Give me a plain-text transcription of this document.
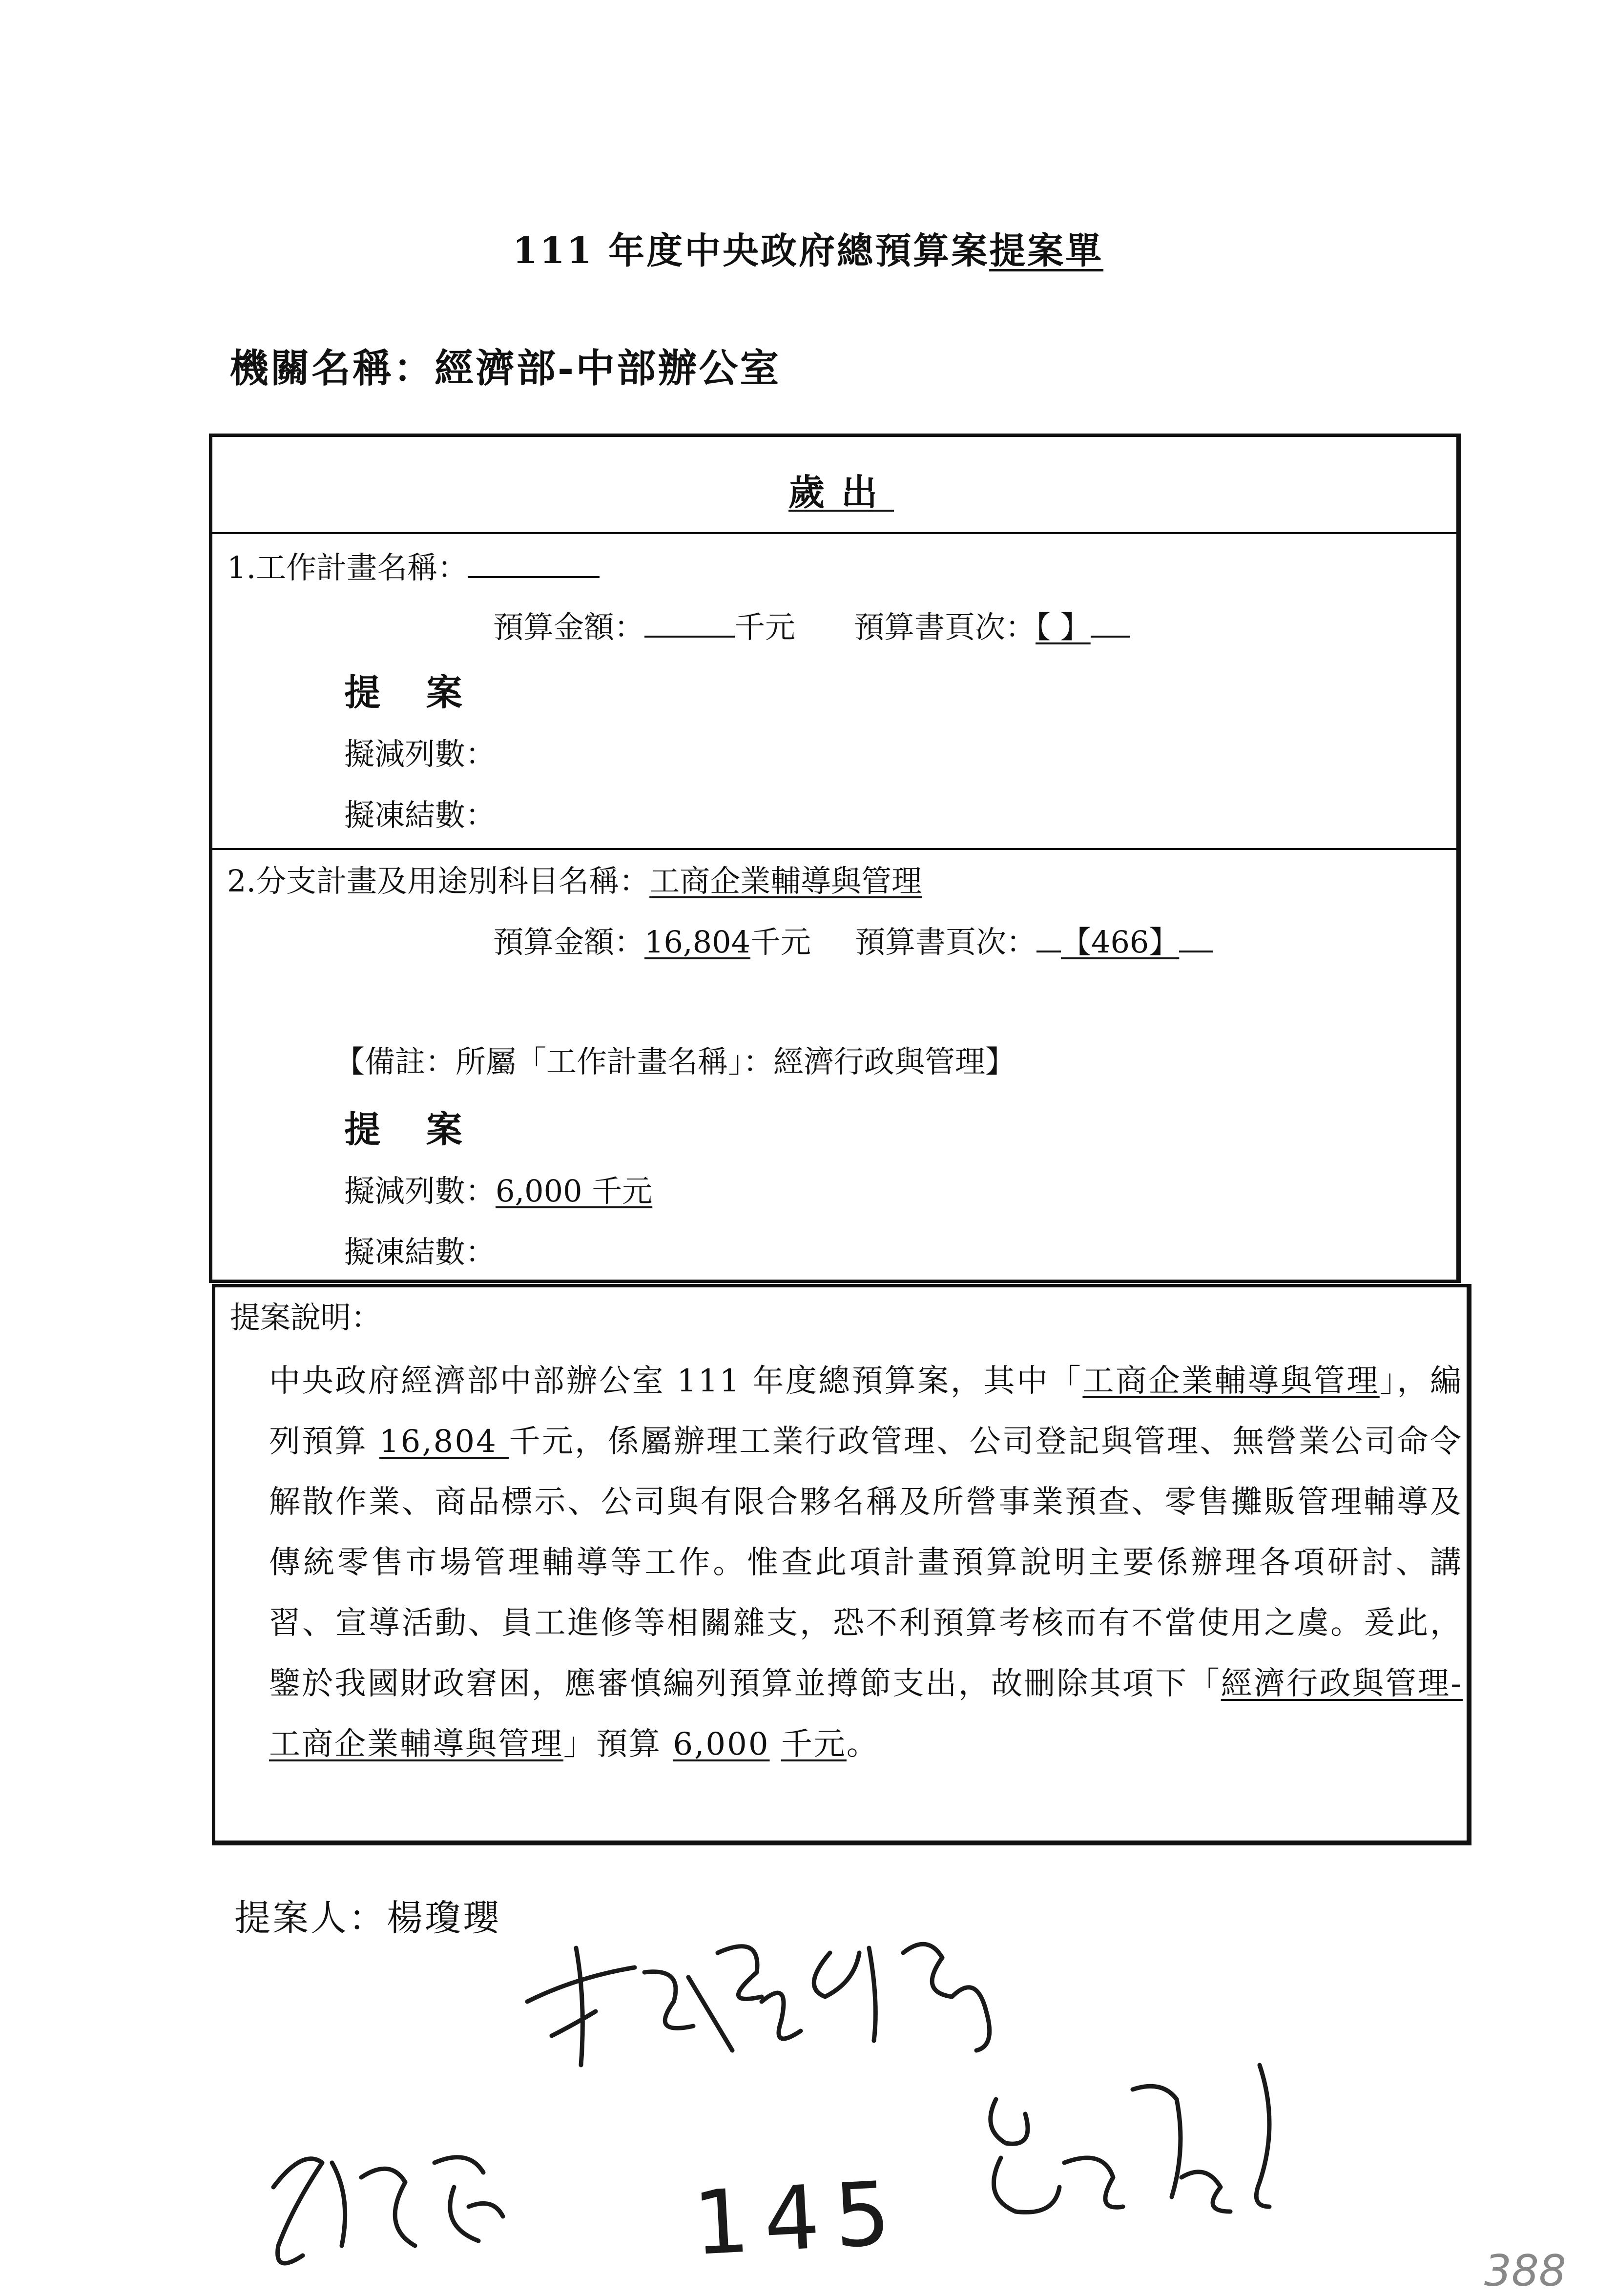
111 年度中央政府總預算案提案單
機關名稱：經濟部-中部辦公室
歲出
1.工作計畫名稱：
預算金額：	千元 預算書頁次：【 】
提 案
擬減列數：
擬凍結數：
2.分支計畫及用途別科目名稱：工商企業輔導與管理
預算金額：16,804千元 預算書頁次： 【466】
【備註：所屬「工作計畫名稱」：經濟行政與管理】
提 案
擬減列數：6,000 千元
擬凍結數：
提案說明：
中央政府經濟部中部辦公室 111 年度總預算案，其中「工商企業輔導與管理」，編列預算 16,804 千元，係屬辦理工業行政管理、公司登記與管理、無營業公司命令解散作業、商品標示、公司與有限合夥名稱及所營事業預查、零售攤販管理輔導及傳統零售市場管理輔導等工作。惟查此項計畫預算說明主要係辦理各項研討、講習、宣導活動、員工進修等相關雜支，恐不利預算考核而有不當使用之虞。爰此，鑒於我國財政窘困，應審慎編列預算並撙節支出，故刪除其項下「經濟行政與管理-工商企業輔導與管理」預算 6,000 千元。
提案人：楊瓊瓔
145	388
